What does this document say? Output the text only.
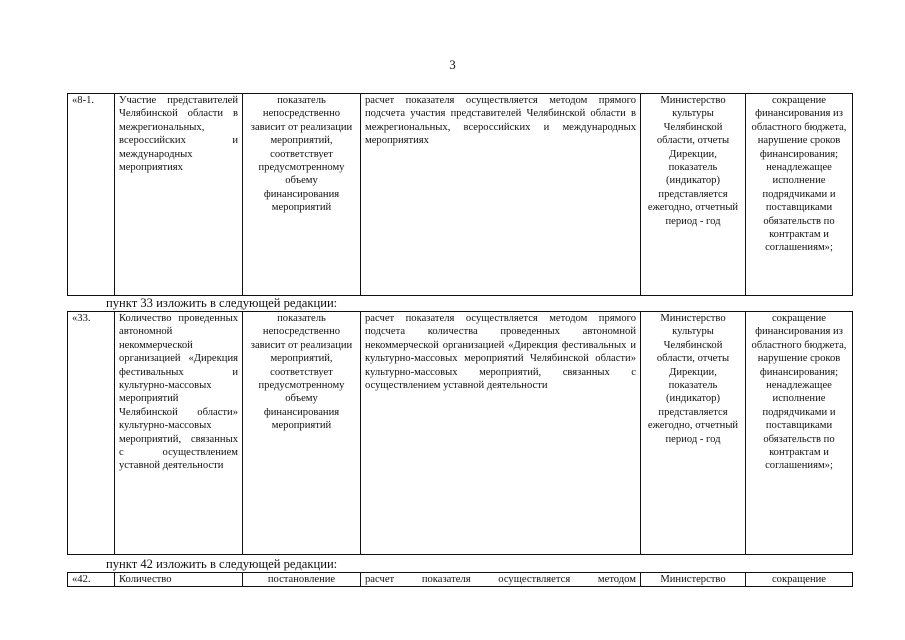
3
«8-1.	Участие представителей Челябинской области в межрегиональных, всероссийских и международных мероприятиях	показатель непосредственно зависит от реализации мероприятий, соответствует предусмотренному объему финансирования мероприятий	расчет показателя осуществляется методом прямого подсчета участия представителей Челябинской области в межрегиональных, всероссийских и международных мероприятиях	Министерство культуры Челябинской области, отчеты Дирекции, показатель (индикатор) представляется ежегодно, отчетный период - год	сокращение финансирования из областного бюджета, нарушение сроков финансирования; ненадлежащее исполнение подрядчиками и поставщиками обязательств по контрактам и соглашениям»;
пункт 33 изложить в следующей редакции:
«33.	Количество проведенных автономной некоммерческой организацией «Дирекция фестивальных и культурно-массовых мероприятий Челябинской области» культурно-массовых мероприятий, связанных с осуществлением уставной деятельности	показатель непосредственно зависит от реализации мероприятий, соответствует предусмотренному объему финансирования мероприятий	расчет показателя осуществляется методом прямого подсчета количества проведенных автономной некоммерческой организацией «Дирекция фестивальных и культурно-массовых мероприятий Челябинской области» культурно-массовых мероприятий, связанных с осуществлением уставной деятельности	Министерство культуры Челябинской области, отчеты Дирекции, показатель (индикатор) представляется ежегодно, отчетный период - год	сокращение финансирования из областного бюджета, нарушение сроков финансирования; ненадлежащее исполнение подрядчиками и поставщиками обязательств по контрактам и соглашениям»;
пункт 42 изложить в следующей редакции:
«42.	Количество	постановление	расчет показателя осуществляется методом	Министерство	сокращение
